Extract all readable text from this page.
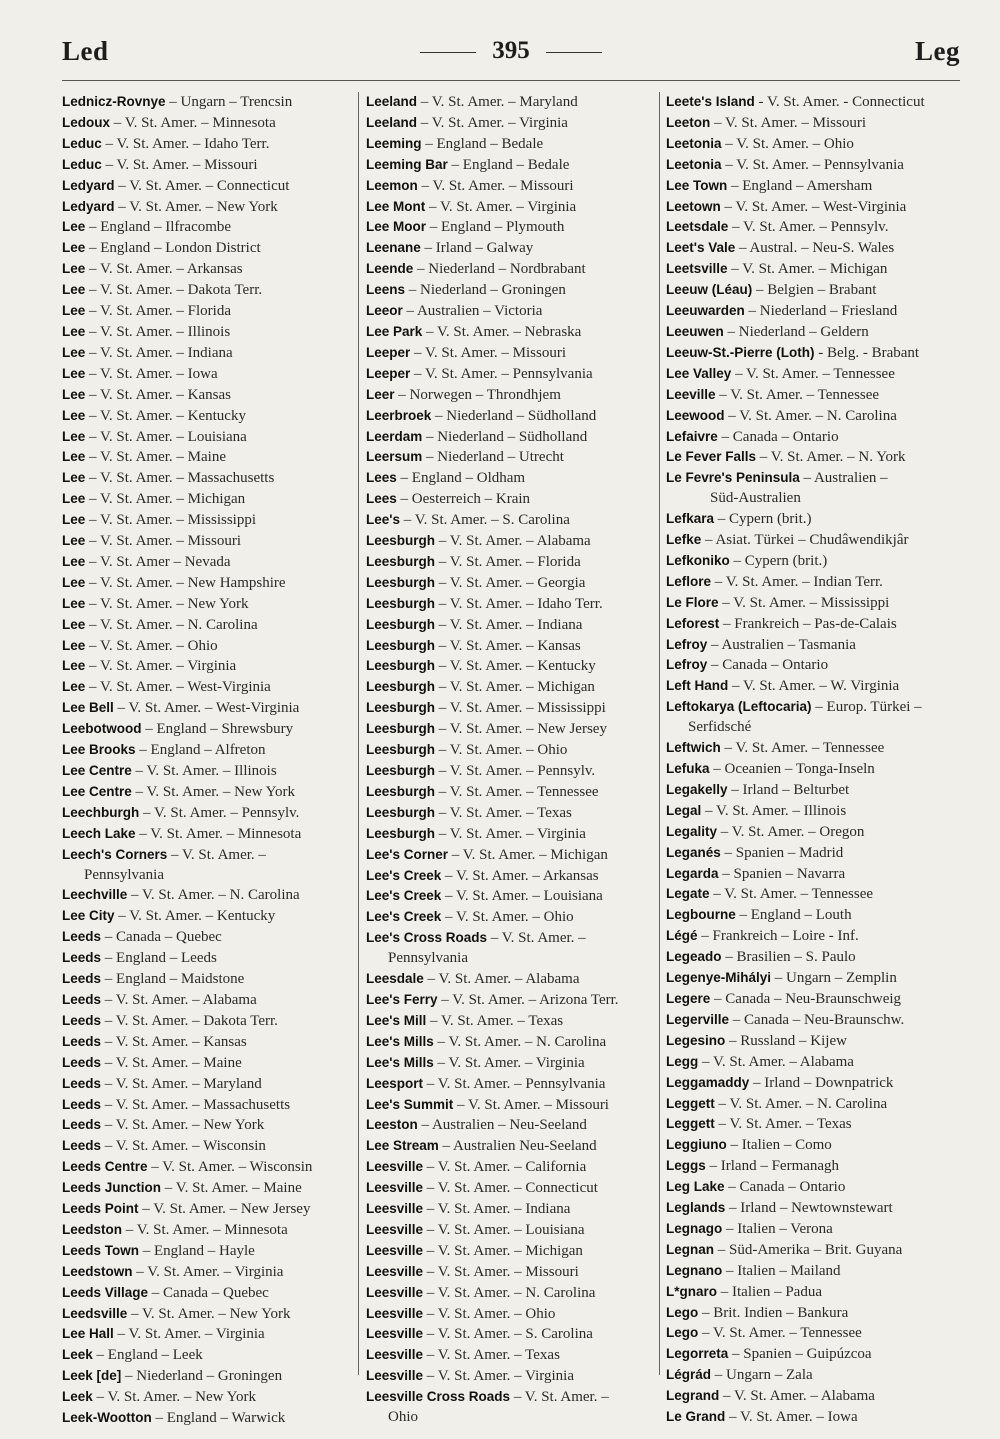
Led	395	Leg
Lednicz-Rovnye – Ungarn – Trencsin
Ledoux – V. St. Amer. – Minnesota
Leduc – V. St. Amer. – Idaho Terr.
Leduc – V. St. Amer. – Missouri
Ledyard – V. St. Amer. – Connecticut
Ledyard – V. St. Amer. – New York
Lee – England – Ilfracombe
Lee – England – London District
Lee – V. St. Amer. – Arkansas
Lee – V. St. Amer. – Dakota Terr.
Lee – V. St. Amer. – Florida
Lee – V. St. Amer. – Illinois
Lee – V. St. Amer. – Indiana
Lee – V. St. Amer. – Iowa
Lee – V. St. Amer. – Kansas
Lee – V. St. Amer. – Kentucky
Lee – V. St. Amer. – Louisiana
Lee – V. St. Amer. – Maine
Lee – V. St. Amer. – Massachusetts
Lee – V. St. Amer. – Michigan
Lee – V. St. Amer. – Mississippi
Lee – V. St. Amer. – Missouri
Lee – V. St. Amer – Nevada
Lee – V. St. Amer. – New Hampshire
Lee – V. St. Amer. – New York
Lee – V. St. Amer. – N. Carolina
Lee – V. St. Amer. – Ohio
Lee – V. St. Amer. – Virginia
Lee – V. St. Amer. – West-Virginia
Lee Bell – V. St. Amer. – West-Virginia
Leebotwood – England – Shrewsbury
Lee Brooks – England – Alfreton
Lee Centre – V. St. Amer. – Illinois
Lee Centre – V. St. Amer. – New York
Leechburgh – V. St. Amer. – Pennsylv.
Leech Lake – V. St. Amer. – Minnesota
Leech's Corners – V. St. Amer. –
Pennsylvania
Leechville – V. St. Amer. – N. Carolina
Lee City – V. St. Amer. – Kentucky
Leeds – Canada – Quebec
Leeds – England – Leeds
Leeds – England – Maidstone
Leeds – V. St. Amer. – Alabama
Leeds – V. St. Amer. – Dakota Terr.
Leeds – V. St. Amer. – Kansas
Leeds – V. St. Amer. – Maine
Leeds – V. St. Amer. – Maryland
Leeds – V. St. Amer. – Massachusetts
Leeds – V. St. Amer. – New York
Leeds – V. St. Amer. – Wisconsin
Leeds Centre – V. St. Amer. – Wisconsin
Leeds Junction – V. St. Amer. – Maine
Leeds Point – V. St. Amer. – New Jersey
Leedston – V. St. Amer. – Minnesota
Leeds Town – England – Hayle
Leedstown – V. St. Amer. – Virginia
Leeds Village – Canada – Quebec
Leedsville – V. St. Amer. – New York
Lee Hall – V. St. Amer. – Virginia
Leek – England – Leek
Leek [de] – Niederland – Groningen
Leek – V. St. Amer. – New York
Leek-Wootton – England – Warwick
Leeland – V. St. Amer. – Maryland
Leeland – V. St. Amer. – Virginia
Leeming – England – Bedale
Leeming Bar – England – Bedale
Leemon – V. St. Amer. – Missouri
Lee Mont – V. St. Amer. – Virginia
Lee Moor – England – Plymouth
Leenane – Irland – Galway
Leende – Niederland – Nordbrabant
Leens – Niederland – Groningen
Leeor – Australien – Victoria
Lee Park – V. St. Amer. – Nebraska
Leeper – V. St. Amer. – Missouri
Leeper – V. St. Amer. – Pennsylvania
Leer – Norwegen – Throndhjem
Leerbroek – Niederland – Südholland
Leerdam – Niederland – Südholland
Leersum – Niederland – Utrecht
Lees – England – Oldham
Lees – Oesterreich – Krain
Lee's – V. St. Amer. – S. Carolina
Leesburgh – V. St. Amer. – Alabama
Leesburgh – V. St. Amer. – Florida
Leesburgh – V. St. Amer. – Georgia
Leesburgh – V. St. Amer. – Idaho Terr.
Leesburgh – V. St. Amer. – Indiana
Leesburgh – V. St. Amer. – Kansas
Leesburgh – V. St. Amer. – Kentucky
Leesburgh – V. St. Amer. – Michigan
Leesburgh – V. St. Amer. – Mississippi
Leesburgh – V. St. Amer. – New Jersey
Leesburgh – V. St. Amer. – Ohio
Leesburgh – V. St. Amer. – Pennsylv.
Leesburgh – V. St. Amer. – Tennessee
Leesburgh – V. St. Amer. – Texas
Leesburgh – V. St. Amer. – Virginia
Lee's Corner – V. St. Amer. – Michigan
Lee's Creek – V. St. Amer. – Arkansas
Lee's Creek – V. St. Amer. – Louisiana
Lee's Creek – V. St. Amer. – Ohio
Lee's Cross Roads – V. St. Amer. –
Pennsylvania
Leesdale – V. St. Amer. – Alabama
Lee's Ferry – V. St. Amer. – Arizona Terr.
Lee's Mill – V. St. Amer. – Texas
Lee's Mills – V. St. Amer. – N. Carolina
Lee's Mills – V. St. Amer. – Virginia
Leesport – V. St. Amer. – Pennsylvania
Lee's Summit – V. St. Amer. – Missouri
Leeston – Australien – Neu-Seeland
Lee Stream – Australien Neu-Seeland
Leesville – V. St. Amer. – California
Leesville – V. St. Amer. – Connecticut
Leesville – V. St. Amer. – Indiana
Leesville – V. St. Amer. – Louisiana
Leesville – V. St. Amer. – Michigan
Leesville – V. St. Amer. – Missouri
Leesville – V. St. Amer. – N. Carolina
Leesville – V. St. Amer. – Ohio
Leesville – V. St. Amer. – S. Carolina
Leesville – V. St. Amer. – Texas
Leesville – V. St. Amer. – Virginia
Leesville Cross Roads – V. St. Amer. –
Ohio
Leete's Island - V. St. Amer. - Connecticut
Leeton – V. St. Amer. – Missouri
Leetonia – V. St. Amer. – Ohio
Leetonia – V. St. Amer. – Pennsylvania
Lee Town – England – Amersham
Leetown – V. St. Amer. – West-Virginia
Leetsdale – V. St. Amer. – Pennsylv.
Leet's Vale – Austral. – Neu-S. Wales
Leetsville – V. St. Amer. – Michigan
Leeuw (Léau) – Belgien – Brabant
Leeuwarden – Niederland – Friesland
Leeuwen – Niederland – Geldern
Leeuw-St.-Pierre (Loth) - Belg. - Brabant
Lee Valley – V. St. Amer. – Tennessee
Leeville – V. St. Amer. – Tennessee
Leewood – V. St. Amer. – N. Carolina
Lefaivre – Canada – Ontario
Le Fever Falls – V. St. Amer. – N. York
Le Fevre's Peninsula – Australien –
Süd-Australien
Lefkara – Cypern (brit.)
Lefke – Asiat. Türkei – Chudâwendikjâr
Lefkoniko – Cypern (brit.)
Leflore – V. St. Amer. – Indian Terr.
Le Flore – V. St. Amer. – Mississippi
Leforest – Frankreich – Pas-de-Calais
Lefroy – Australien – Tasmania
Lefroy – Canada – Ontario
Left Hand – V. St. Amer. – W. Virginia
Leftokarya (Leftocaria) – Europ. Türkei –
Serfidsché
Leftwich – V. St. Amer. – Tennessee
Lefuka – Oceanien – Tonga-Inseln
Legakelly – Irland – Belturbet
Legal – V. St. Amer. – Illinois
Legality – V. St. Amer. – Oregon
Leganés – Spanien – Madrid
Legarda – Spanien – Navarra
Legate – V. St. Amer. – Tennessee
Legbourne – England – Louth
Légé – Frankreich – Loire - Inf.
Legeado – Brasilien – S. Paulo
Legenye-Mihályi – Ungarn – Zemplin
Legere – Canada – Neu-Braunschweig
Legerville – Canada – Neu-Braunschw.
Legesino – Russland – Kijew
Legg – V. St. Amer. – Alabama
Leggamaddy – Irland – Downpatrick
Leggett – V. St. Amer. – N. Carolina
Leggett – V. St. Amer. – Texas
Leggiuno – Italien – Como
Leggs – Irland – Fermanagh
Leg Lake – Canada – Ontario
Leglands – Irland – Newtownstewart
Legnago – Italien – Verona
Legnan – Süd-Amerika – Brit. Guyana
Legnano – Italien – Mailand
L*gnaro – Italien – Padua
Lego – Brit. Indien – Bankura
Lego – V. St. Amer. – Tennessee
Legorreta – Spanien – Guipúzcoa
Légrád – Ungarn – Zala
Legrand – V. St. Amer. – Alabama
Le Grand – V. St. Amer. – Iowa
